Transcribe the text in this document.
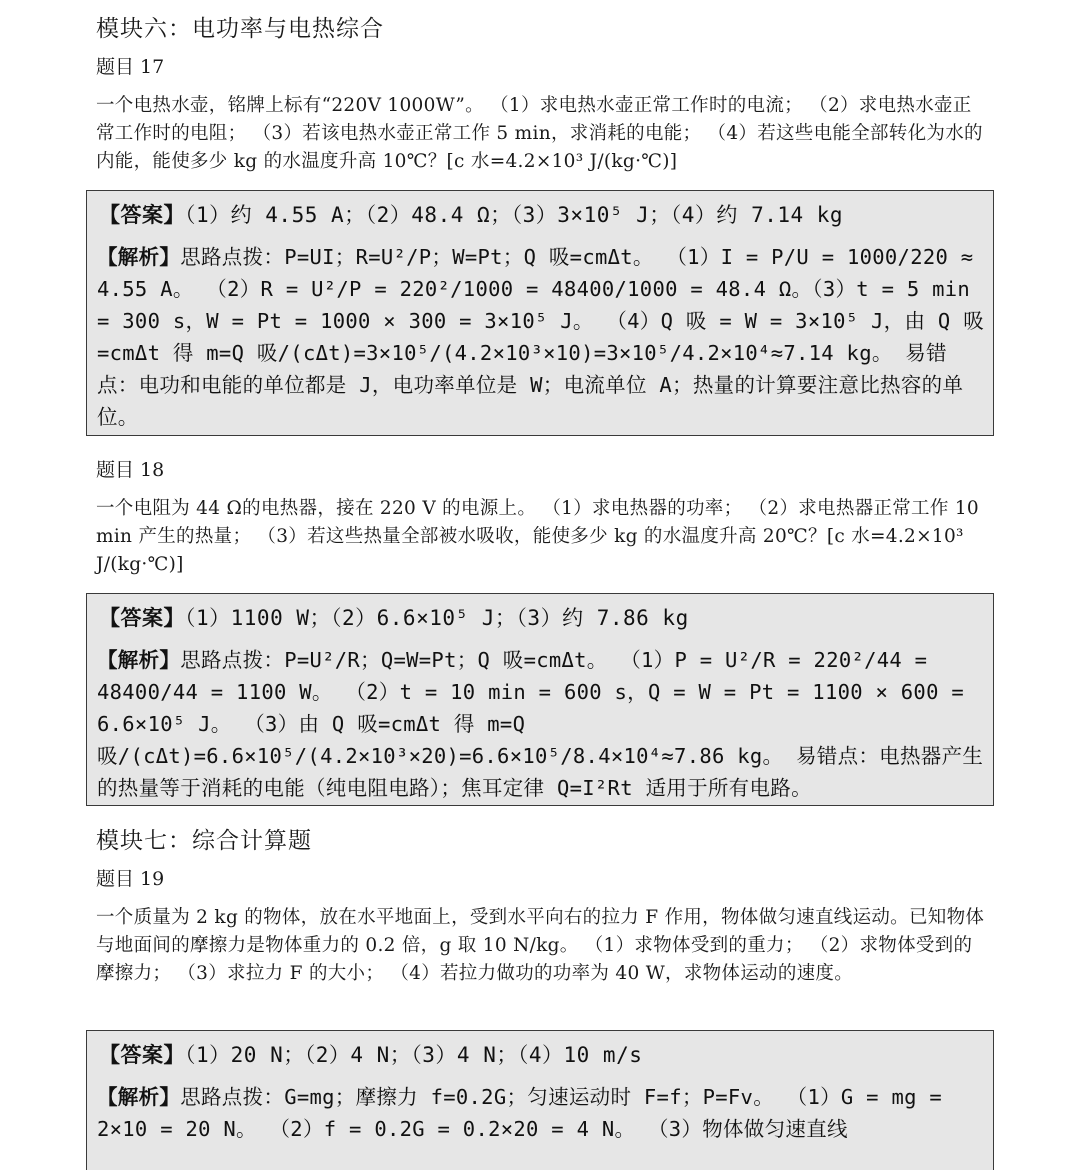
模块六：电功率与电热综合
题目 17
一个电热水壶，铭牌上标有“220V 1000W”。 （1）求电热水壶正常工作时的电流； （2）求电热水壶正常工作时的电阻； （3）若该电热水壶正常工作 5 min，求消耗的电能； （4）若这些电能全部转化为水的内能，能使多少 kg 的水温度升高 10℃？[c 水=4.2×10³ J/(kg·℃)]
【答案】（1）约 4.55 A；（2）48.4 Ω；（3）3×10⁵ J；（4）约 7.14 kg
【解析】思路点拨：P=UI；R=U²/P；W=Pt；Q 吸=cmΔt。 （1）I = P/U = 1000/220 ≈ 4.55 A。 （2）R = U²/P = 220²/1000 = 48400/1000 = 48.4 Ω。（3）t = 5 min = 300 s，W = Pt = 1000 × 300 = 3×10⁵ J。 （4）Q 吸 = W = 3×10⁵ J，由 Q 吸=cmΔt 得 m=Q 吸/(cΔt)=3×10⁵/(4.2×10³×10)=3×10⁵/4.2×10⁴≈7.14 kg。 易错点：电功和电能的单位都是 J，电功率单位是 W；电流单位 A；热量的计算要注意比热容的单位。
题目 18
一个电阻为 44 Ω的电热器，接在 220 V 的电源上。 （1）求电热器的功率； （2）求电热器正常工作 10 min 产生的热量； （3）若这些热量全部被水吸收，能使多少 kg 的水温度升高 20℃？[c 水=4.2×10³ J/(kg·℃)]
【答案】（1）1100 W；（2）6.6×10⁵ J；（3）约 7.86 kg
【解析】思路点拨：P=U²/R；Q=W=Pt；Q 吸=cmΔt。 （1）P = U²/R = 220²/44 = 48400/44 = 1100 W。 （2）t = 10 min = 600 s，Q = W = Pt = 1100 × 600 = 6.6×10⁵ J。 （3）由 Q 吸=cmΔt 得 m=Q 吸/(cΔt)=6.6×10⁵/(4.2×10³×20)=6.6×10⁵/8.4×10⁴≈7.86 kg。 易错点：电热器产生的热量等于消耗的电能（纯电阻电路）；焦耳定律 Q=I²Rt 适用于所有电路。
模块七：综合计算题
题目 19
一个质量为 2 kg 的物体，放在水平地面上，受到水平向右的拉力 F 作用，物体做匀速直线运动。已知物体与地面间的摩擦力是物体重力的 0.2 倍，g 取 10 N/kg。 （1）求物体受到的重力； （2）求物体受到的摩擦力； （3）求拉力 F 的大小； （4）若拉力做功的功率为 40 W，求物体运动的速度。
【答案】（1）20 N；（2）4 N；（3）4 N；（4）10 m/s
【解析】思路点拨：G=mg；摩擦力 f=0.2G；匀速运动时 F=f；P=Fv。 （1）G = mg = 2×10 = 20 N。 （2）f = 0.2G = 0.2×20 = 4 N。 （3）物体做匀速直线
